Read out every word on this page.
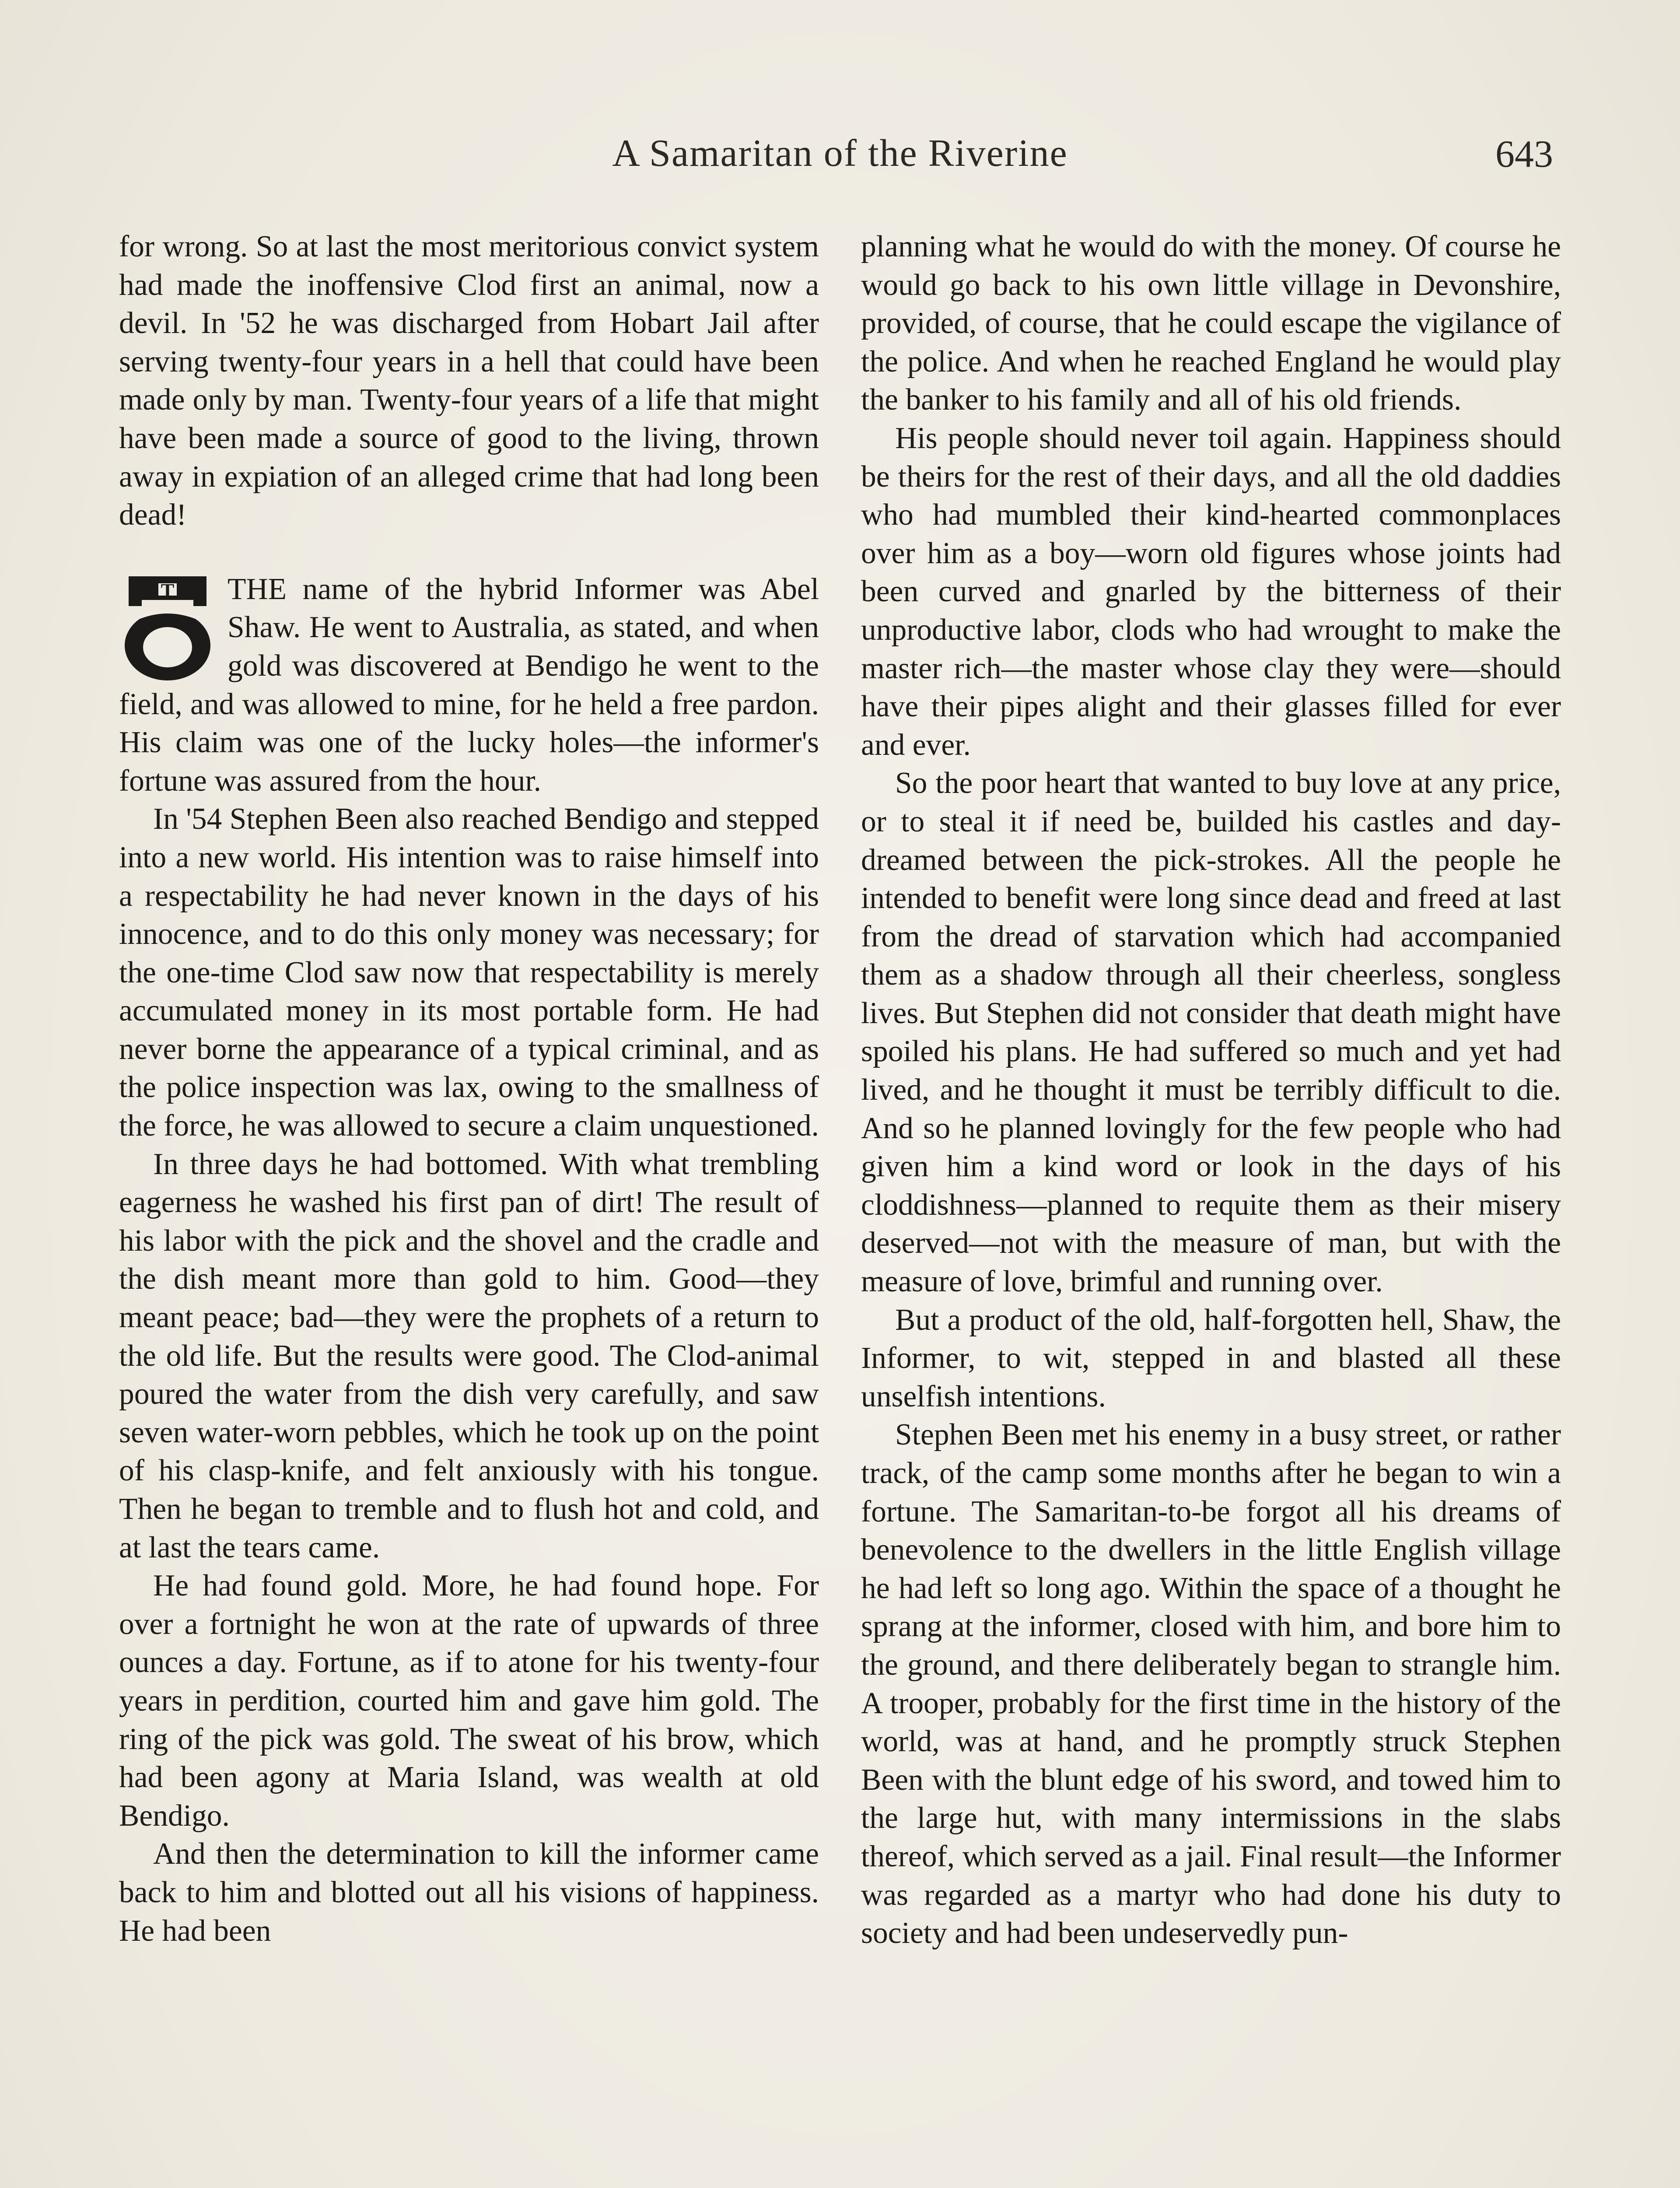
A Samaritan of the Riverine	643

for wrong. So at last the most meritorious convict system had made the inoffensive Clod first an animal, now a devil. In '52 he was discharged from Hobart Jail after serving twenty-four years in a hell that could have been made only by man. Twenty-four years of a life that might have been made a source of good to the living, thrown away in expiation of an alleged crime that had long been dead!

T	THE name of the hybrid Informer was Abel Shaw. He went to Australia, as stated, and when gold was discovered at Bendigo he went to the field, and was allowed to mine, for he held a free pardon. His claim was one of the lucky holes—the informer's fortune was assured from the hour.

In '54 Stephen Been also reached Bendigo and stepped into a new world. His intention was to raise himself into a respectability he had never known in the days of his innocence, and to do this only money was necessary; for the one-time Clod saw now that respectability is merely accumulated money in its most portable form. He had never borne the appearance of a typical criminal, and as the police inspection was lax, owing to the smallness of the force, he was allowed to secure a claim unquestioned.

In three days he had bottomed. With what trembling eagerness he washed his first pan of dirt! The result of his labor with the pick and the shovel and the cradle and the dish meant more than gold to him. Good—they meant peace; bad—they were the prophets of a return to the old life. But the results were good. The Clod-animal poured the water from the dish very carefully, and saw seven water-worn pebbles, which he took up on the point of his clasp-knife, and felt anxiously with his tongue. Then he began to tremble and to flush hot and cold, and at last the tears came.

He had found gold. More, he had found hope. For over a fortnight he won at the rate of upwards of three ounces a day. Fortune, as if to atone for his twenty-four years in perdition, courted him and gave him gold. The ring of the pick was gold. The sweat of his brow, which had been agony at Maria Island, was wealth at old Bendigo.

And then the determination to kill the informer came back to him and blotted out all his visions of happiness. He had been

planning what he would do with the money. Of course he would go back to his own little village in Devonshire, provided, of course, that he could escape the vigilance of the police. And when he reached England he would play the banker to his family and all of his old friends.

His people should never toil again. Happiness should be theirs for the rest of their days, and all the old daddies who had mumbled their kind-hearted commonplaces over him as a boy—worn old figures whose joints had been curved and gnarled by the bitterness of their unproductive labor, clods who had wrought to make the master rich—the master whose clay they were—should have their pipes alight and their glasses filled for ever and ever.

So the poor heart that wanted to buy love at any price, or to steal it if need be, builded his castles and day-dreamed between the pick-strokes. All the people he intended to benefit were long since dead and freed at last from the dread of starvation which had accompanied them as a shadow through all their cheerless, songless lives. But Stephen did not consider that death might have spoiled his plans. He had suffered so much and yet had lived, and he thought it must be terribly difficult to die. And so he planned lovingly for the few people who had given him a kind word or look in the days of his cloddishness—planned to requite them as their misery deserved—not with the measure of man, but with the measure of love, brimful and running over.

But a product of the old, half-forgotten hell, Shaw, the Informer, to wit, stepped in and blasted all these unselfish intentions.

Stephen Been met his enemy in a busy street, or rather track, of the camp some months after he began to win a fortune. The Samaritan-to-be forgot all his dreams of benevolence to the dwellers in the little English village he had left so long ago. Within the space of a thought he sprang at the informer, closed with him, and bore him to the ground, and there deliberately began to strangle him. A trooper, probably for the first time in the history of the world, was at hand, and he promptly struck Stephen Been with the blunt edge of his sword, and towed him to the large hut, with many intermissions in the slabs thereof, which served as a jail. Final result—the Informer was regarded as a martyr who had done his duty to society and had been undeservedly pun-
